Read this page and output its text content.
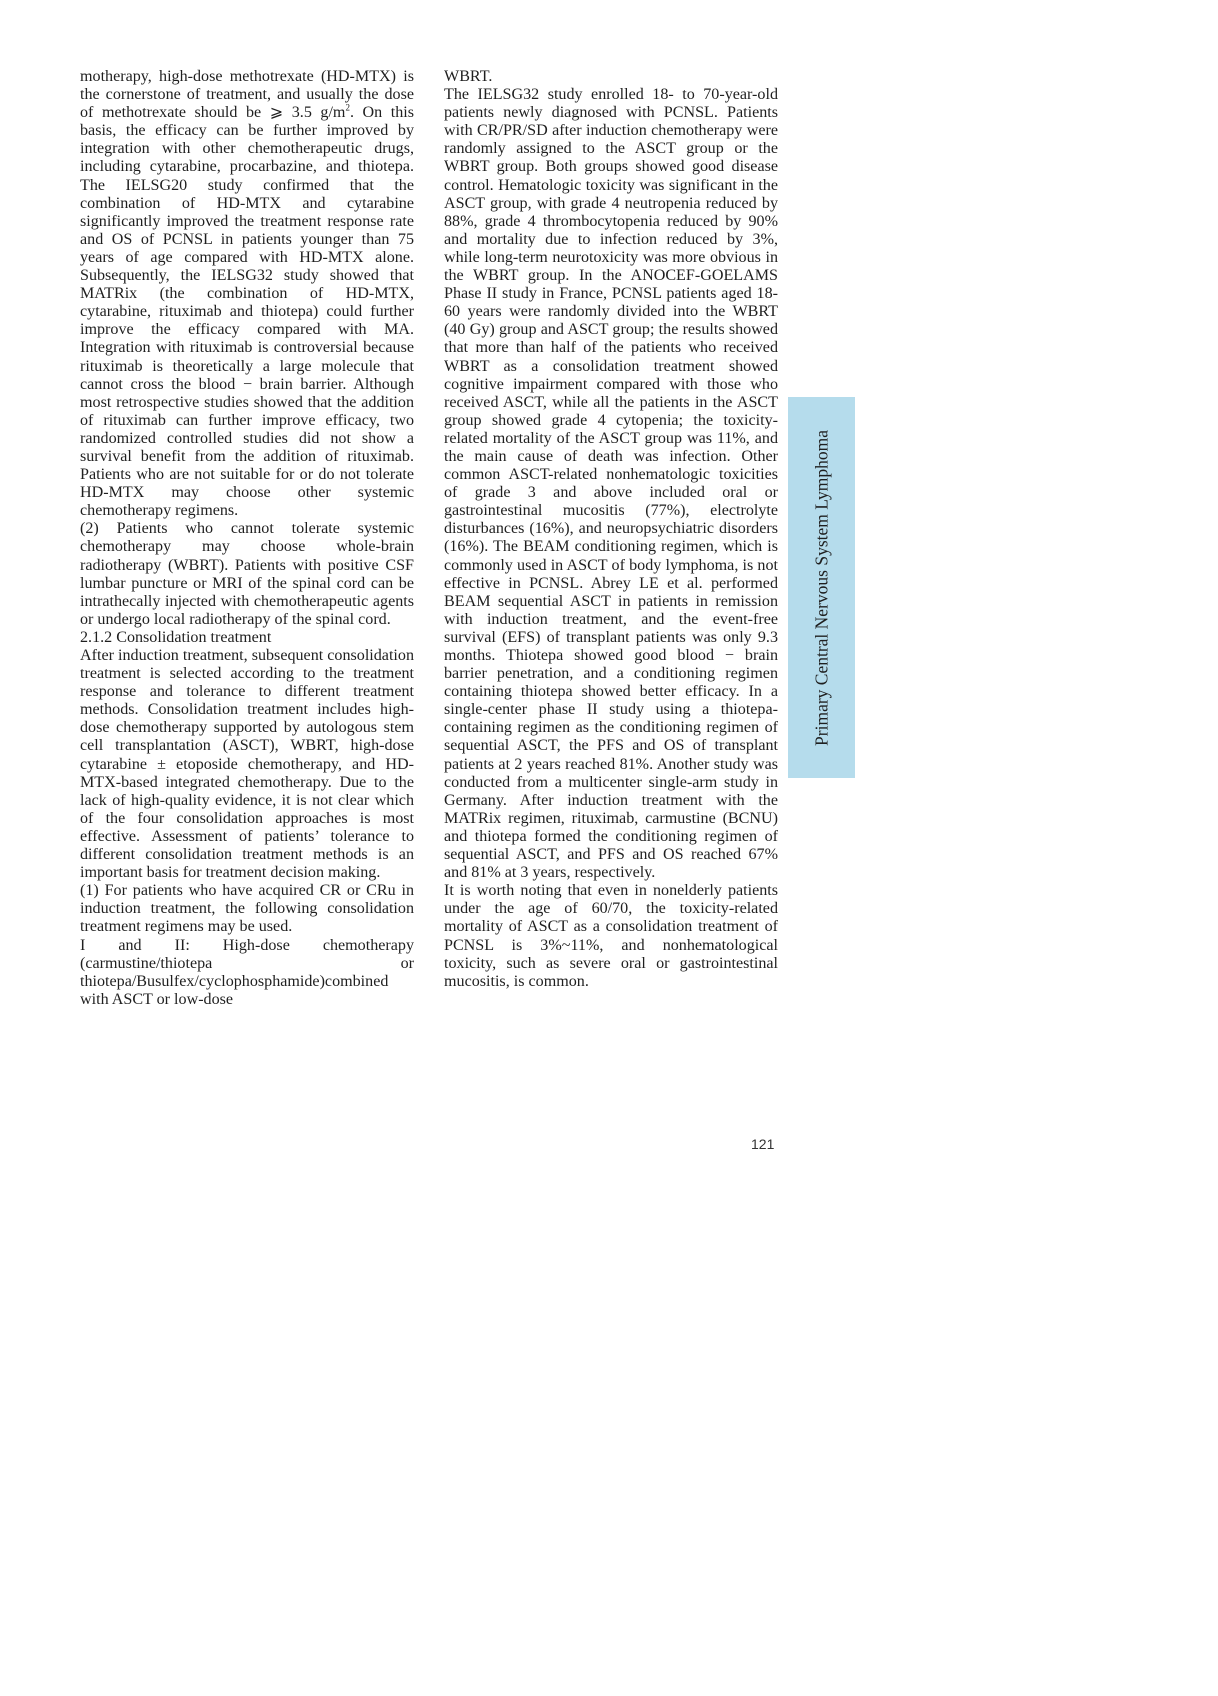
motherapy, high-dose methotrexate (HD-MTX) is the cornerstone of treatment, and usually the dose of methotrexate should be ⩾ 3.5 $g/m^2$. On this basis, the efficacy can be further improved by integration with other chemotherapeutic drugs, including cytarabine, procarbazine, and thiotepa. The IELSG20 study confirmed that the combination of HD-MTX and cytarabine significantly improved the treatment response rate and OS of PCNSL in patients younger than 75 years of age compared with HD-MTX alone. Subsequently, the IELSG32 study showed that MATRix (the combination of HD-MTX, cytarabine, rituximab and thiotepa) could further improve the efficacy compared with MA. Integration with rituximab is controversial because rituximab is theoretically a large molecule that cannot cross the blood − brain barrier. Although most retrospective studies showed that the addition of rituximab can further improve efficacy, two randomized controlled studies did not show a survival benefit from the addition of rituximab. Patients who are not suitable for or do not tolerate HD-MTX may choose other systemic chemotherapy regimens.

(2) Patients who cannot tolerate systemic chemotherapy may choose whole-brain radiotherapy (WBRT). Patients with positive CSF lumbar puncture or MRI of the spinal cord can be intrathecally injected with chemotherapeutic agents or undergo local radiotherapy of the spinal cord.

2.1.2 Consolidation treatment

After induction treatment, subsequent consolidation treatment is selected according to the treatment response and tolerance to different treatment methods. Consolidation treatment includes high-dose chemotherapy supported by autologous stem cell transplantation (ASCT), WBRT, high-dose cytarabine ± etoposide chemotherapy, and HD-MTX-based integrated chemotherapy. Due to the lack of high-quality evidence, it is not clear which of the four consolidation approaches is most effective. Assessment of patients’ tolerance to different consolidation treatment methods is an important basis for treatment decision making.

(1) For patients who have acquired CR or CRu in induction treatment, the following consolidation treatment regimens may be used.

I and II: High-dose chemotherapy (carmustine/thiotepa or thiotepa/Busulfex/cyclophosphamide)combined with ASCT or low-dose

WBRT.

The IELSG32 study enrolled 18- to 70-year-old patients newly diagnosed with PCNSL. Patients with CR/PR/SD after induction chemotherapy were randomly assigned to the ASCT group or the WBRT group. Both groups showed good disease control. Hematologic toxicity was significant in the ASCT group, with grade 4 neutropenia reduced by 88%, grade 4 thrombocytopenia reduced by 90% and mortality due to infection reduced by 3%, while long-term neurotoxicity was more obvious in the WBRT group. In the ANOCEF-GOELAMS Phase II study in France, PCNSL patients aged 18-60 years were randomly divided into the WBRT (40 Gy) group and ASCT group; the results showed that more than half of the patients who received WBRT as a consolidation treatment showed cognitive impairment compared with those who received ASCT, while all the patients in the ASCT group showed grade 4 cytopenia; the toxicity-related mortality of the ASCT group was 11%, and the main cause of death was infection. Other common ASCT-related nonhematologic toxicities of grade 3 and above included oral or gastrointestinal mucositis (77%), electrolyte disturbances (16%), and neuropsychiatric disorders (16%). The BEAM conditioning regimen, which is commonly used in ASCT of body lymphoma, is not effective in PCNSL. Abrey LE et al. performed BEAM sequential ASCT in patients in remission with induction treatment, and the event-free survival (EFS) of transplant patients was only 9.3 months. Thiotepa showed good blood − brain barrier penetration, and a conditioning regimen containing thiotepa showed better efficacy. In a single-center phase II study using a thiotepa-containing regimen as the conditioning regimen of sequential ASCT, the PFS and OS of transplant patients at 2 years reached 81%. Another study was conducted from a multicenter single-arm study in Germany. After induction treatment with the MATRix regimen, rituximab, carmustine (BCNU) and thiotepa formed the conditioning regimen of sequential ASCT, and PFS and OS reached 67% and 81% at 3 years, respectively.

It is worth noting that even in nonelderly patients under the age of 60/70, the toxicity-related mortality of ASCT as a consolidation treatment of PCNSL is 3%~11%, and nonhematological toxicity, such as severe oral or gastrointestinal mucositis, is common.

Primary Central Nervous System Lymphoma
121
